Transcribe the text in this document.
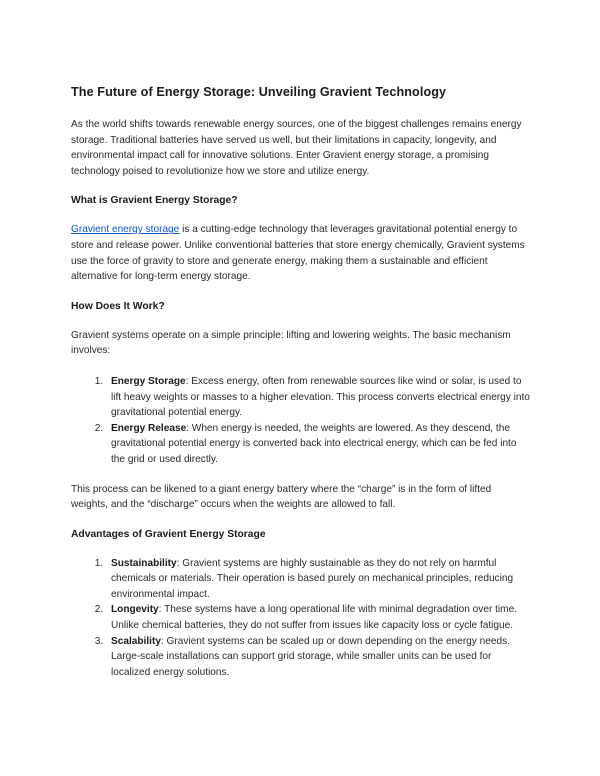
The Future of Energy Storage: Unveiling Gravient Technology

As the world shifts towards renewable energy sources, one of the biggest challenges remains energy storage. Traditional batteries have served us well, but their limitations in capacity, longevity, and environmental impact call for innovative solutions. Enter Gravient energy storage, a promising technology poised to revolutionize how we store and utilize energy.

What is Gravient Energy Storage?

Gravient energy storage is a cutting-edge technology that leverages gravitational potential energy to store and release power. Unlike conventional batteries that store energy chemically, Gravient systems use the force of gravity to store and generate energy, making them a sustainable and efficient alternative for long-term energy storage.

How Does It Work?

Gravient systems operate on a simple principle: lifting and lowering weights. The basic mechanism involves:

1. Energy Storage: Excess energy, often from renewable sources like wind or solar, is used to lift heavy weights or masses to a higher elevation. This process converts electrical energy into gravitational potential energy.
2. Energy Release: When energy is needed, the weights are lowered. As they descend, the gravitational potential energy is converted back into electrical energy, which can be fed into the grid or used directly.

This process can be likened to a giant energy battery where the “charge” is in the form of lifted weights, and the “discharge” occurs when the weights are allowed to fall.

Advantages of Gravient Energy Storage
1. Sustainability: Gravient systems are highly sustainable as they do not rely on harmful chemicals or materials. Their operation is based purely on mechanical principles, reducing environmental impact.
2. Longevity: These systems have a long operational life with minimal degradation over time. Unlike chemical batteries, they do not suffer from issues like capacity loss or cycle fatigue.
3. Scalability: Gravient systems can be scaled up or down depending on the energy needs. Large-scale installations can support grid storage, while smaller units can be used for localized energy solutions.
